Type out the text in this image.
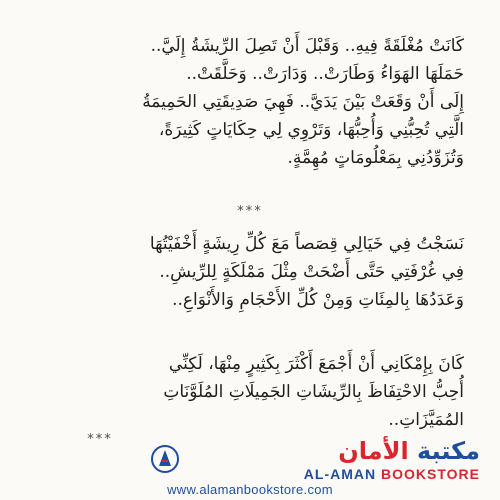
كَانَتْ مُغْلَقَةً فِيهِ.. وَقَبْلَ أَنْ تَصِلَ الرِّيشَةُ إِلَيَّ..
حَمَلَهَا الهَوَاءُ وَطَارَتْ.. وَدَارَتْ.. وَحَلَّقَتْ..
إِلَى أَنْ وَقَعَتْ بَيْنَ يَدَيَّ.. فَهِيَ صَدِيقَتِي الحَمِيمَةُ
الَّتِي تُحِبُّنِي وَأُحِبُّهَا، وَتَرْوِي لِي حِكَايَاتٍ كَثِيرَةً،
وَتُزَوِّدُنِي بِمَعْلُومَاتٍ مُهِمَّةٍ.

***

نَسَجْتُ فِي خَيَالِي قِصَصاً مَعَ كُلِّ رِيشَةٍ أَخْفَيْتُهَا
فِي غُرْفَتِي حَتَّى أَضْحَتْ مِثْلَ مَمْلَكَةٍ لِلرِّيشِ..
وَعَدَدُهَا بِالمِئَاتِ وَمِنْ كُلِّ الأَحْجَامِ وَالأَنْوَاعِ..

كَانَ بِإِمْكَانِي أَنْ أَجْمَعَ أَكْثَرَ بِكَثِيرٍ مِنْهَا، لَكِنِّي
أُحِبُّ الاحْتِفَاظَ بِالرِّيشَاتِ الجَمِيلَاتِ المُلَوَّنَاتِ
المُمَيَّزَاتِ..

***	مكتبة الأمان
AL-AMAN BOOKSTORE
www.alamanbookstore.com
